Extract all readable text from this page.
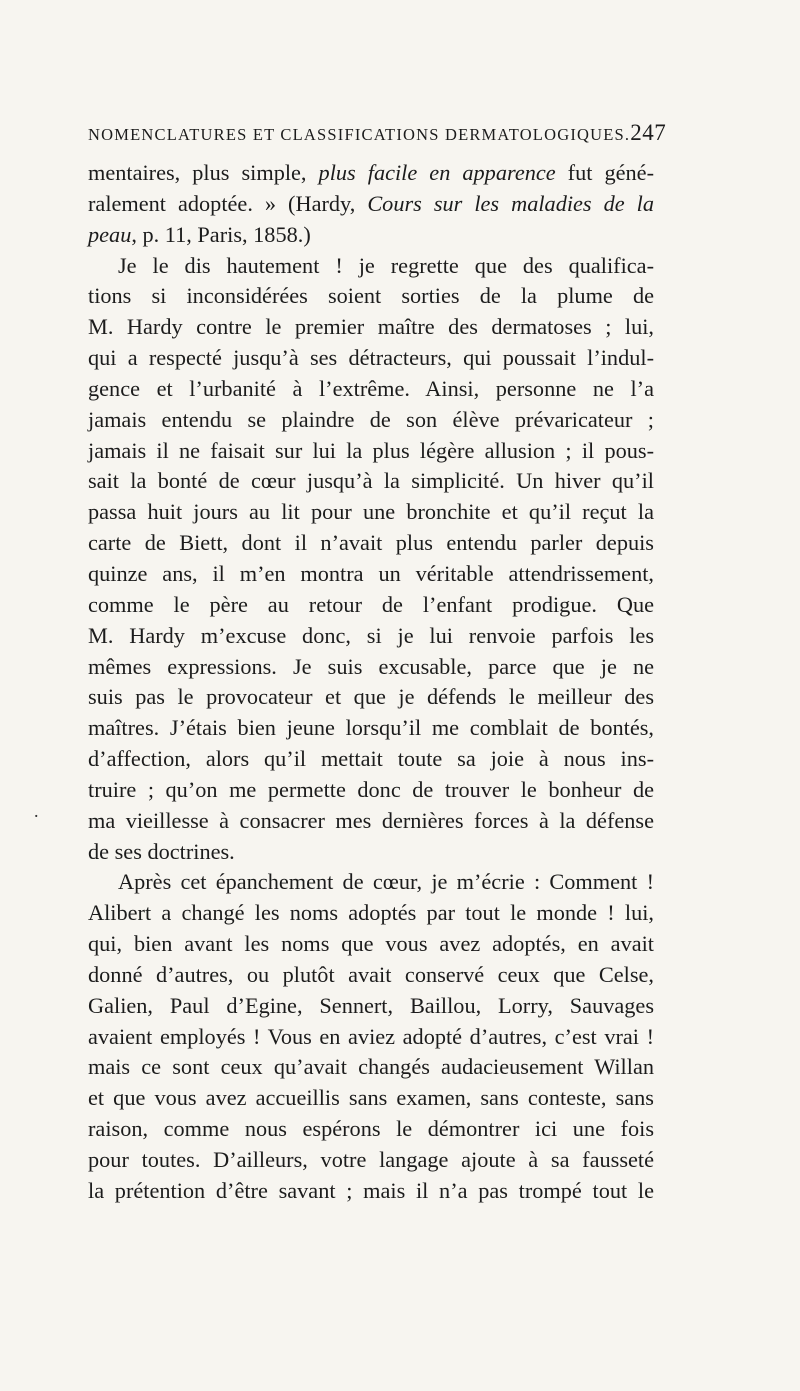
NOMENCLATURES ET CLASSIFICATIONS DERMATOLOGIQUES. 247
.
mentaires, plus simple, plus facile en apparence fut géné-
ralement adoptée. » (Hardy, Cours sur les maladies de la
peau, p. 11, Paris, 1858.)
Je le dis hautement ! je regrette que des qualifica-
tions si inconsidérées soient sorties de la plume de
M. Hardy contre le premier maître des dermatoses ; lui,
qui a respecté jusqu’à ses détracteurs, qui poussait l’indul-
gence et l’urbanité à l’extrême. Ainsi, personne ne l’a
jamais entendu se plaindre de son élève prévaricateur ;
jamais il ne faisait sur lui la plus légère allusion ; il pous-
sait la bonté de cœur jusqu’à la simplicité. Un hiver qu’il
passa huit jours au lit pour une bronchite et qu’il reçut la
carte de Biett, dont il n’avait plus entendu parler depuis
quinze ans, il m’en montra un véritable attendrissement,
comme le père au retour de l’enfant prodigue. Que
M. Hardy m’excuse donc, si je lui renvoie parfois les
mêmes expressions. Je suis excusable, parce que je ne
suis pas le provocateur et que je défends le meilleur des
maîtres. J’étais bien jeune lorsqu’il me comblait de bontés,
d’affection, alors qu’il mettait toute sa joie à nous ins-
truire ; qu’on me permette donc de trouver le bonheur de
ma vieillesse à consacrer mes dernières forces à la défense
de ses doctrines.
Après cet épanchement de cœur, je m’écrie : Comment !
Alibert a changé les noms adoptés par tout le monde ! lui,
qui, bien avant les noms que vous avez adoptés, en avait
donné d’autres, ou plutôt avait conservé ceux que Celse,
Galien, Paul d’Egine, Sennert, Baillou, Lorry, Sauvages
avaient employés ! Vous en aviez adopté d’autres, c’est vrai !
mais ce sont ceux qu’avait changés audacieusement Willan
et que vous avez accueillis sans examen, sans conteste, sans
raison, comme nous espérons le démontrer ici une fois
pour toutes. D’ailleurs, votre langage ajoute à sa fausseté
la prétention d’être savant ; mais il n’a pas trompé tout le
